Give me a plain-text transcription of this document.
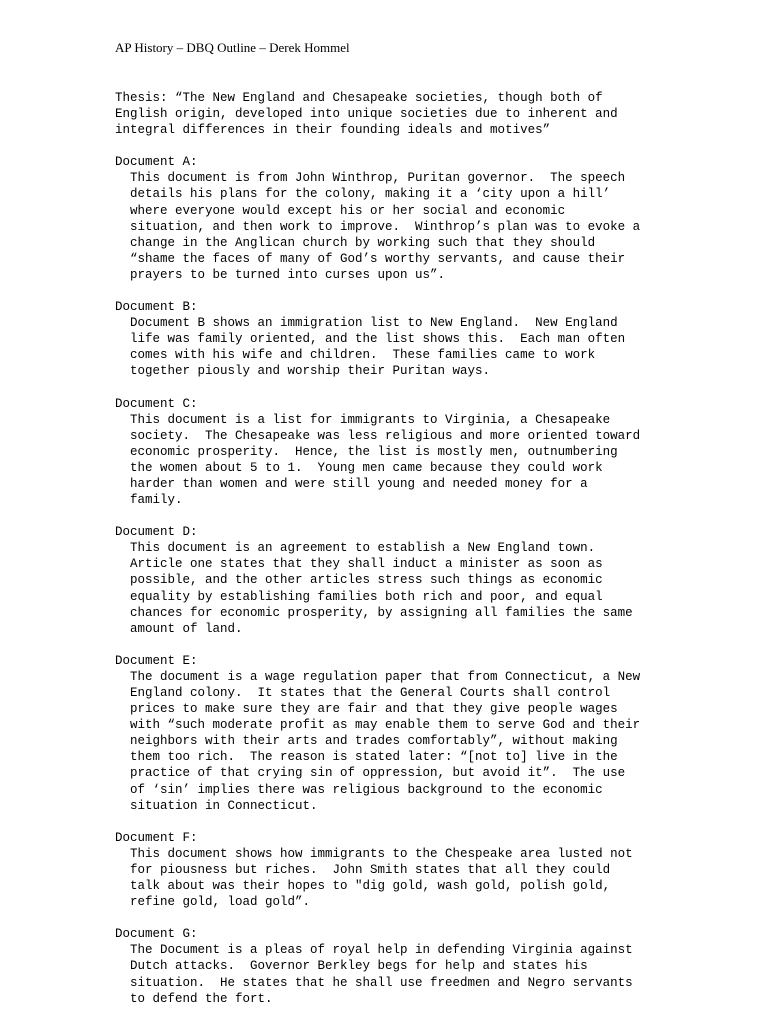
AP History – DBQ Outline – Derek Hommel
Thesis: “The New England and Chesapeake societies, though both of
English origin, developed into unique societies due to inherent and
integral differences in their founding ideals and motives”
Document A:
This document is from John Winthrop, Puritan governor.  The speech
details his plans for the colony, making it a ‘city upon a hill’
where everyone would except his or her social and economic
situation, and then work to improve.  Winthrop’s plan was to evoke a
change in the Anglican church by working such that they should
“shame the faces of many of God’s worthy servants, and cause their
prayers to be turned into curses upon us”.
Document B:
Document B shows an immigration list to New England.  New England
life was family oriented, and the list shows this.  Each man often
comes with his wife and children.  These families came to work
together piously and worship their Puritan ways.
Document C:
This document is a list for immigrants to Virginia, a Chesapeake
society.  The Chesapeake was less religious and more oriented toward
economic prosperity.  Hence, the list is mostly men, outnumbering
the women about 5 to 1.  Young men came because they could work
harder than women and were still young and needed money for a
family.
Document D:
This document is an agreement to establish a New England town.
Article one states that they shall induct a minister as soon as
possible, and the other articles stress such things as economic
equality by establishing families both rich and poor, and equal
chances for economic prosperity, by assigning all families the same
amount of land.
Document E:
The document is a wage regulation paper that from Connecticut, a New
England colony.  It states that the General Courts shall control
prices to make sure they are fair and that they give people wages
with “such moderate profit as may enable them to serve God and their
neighbors with their arts and trades comfortably”, without making
them too rich.  The reason is stated later: “[not to] live in the
practice of that crying sin of oppression, but avoid it”.  The use
of ‘sin’ implies there was religious background to the economic
situation in Connecticut.
Document F:
This document shows how immigrants to the Chespeake area lusted not
for piousness but riches.  John Smith states that all they could
talk about was their hopes to "dig gold, wash gold, polish gold,
refine gold, load gold”.
Document G:
The Document is a pleas of royal help in defending Virginia against
Dutch attacks.  Governor Berkley begs for help and states his
situation.  He states that he shall use freedmen and Negro servants
to defend the fort.
